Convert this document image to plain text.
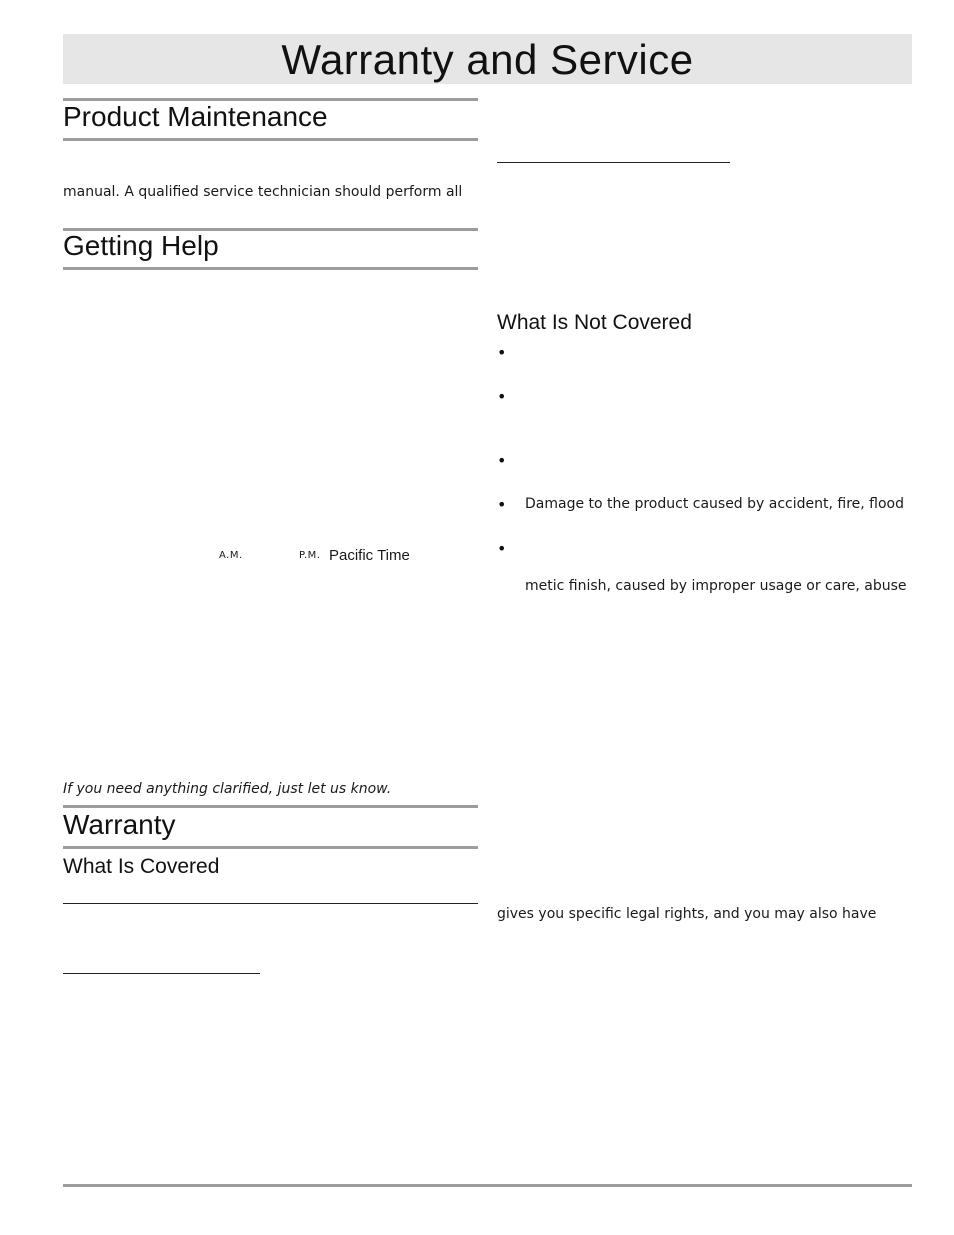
Warranty and Service
Product Maintenance
manual. A qualified service technician should perform all
Getting Help
A.M.	P.M. Pacific Time
If you need anything clarified, just let us know.
Warranty
What Is Covered
What Is Not Covered
•
•
•
• Damage to the product caused by accident, fire, flood
•
metic finish, caused by improper usage or care, abuse
gives you specific legal rights, and you may also have
